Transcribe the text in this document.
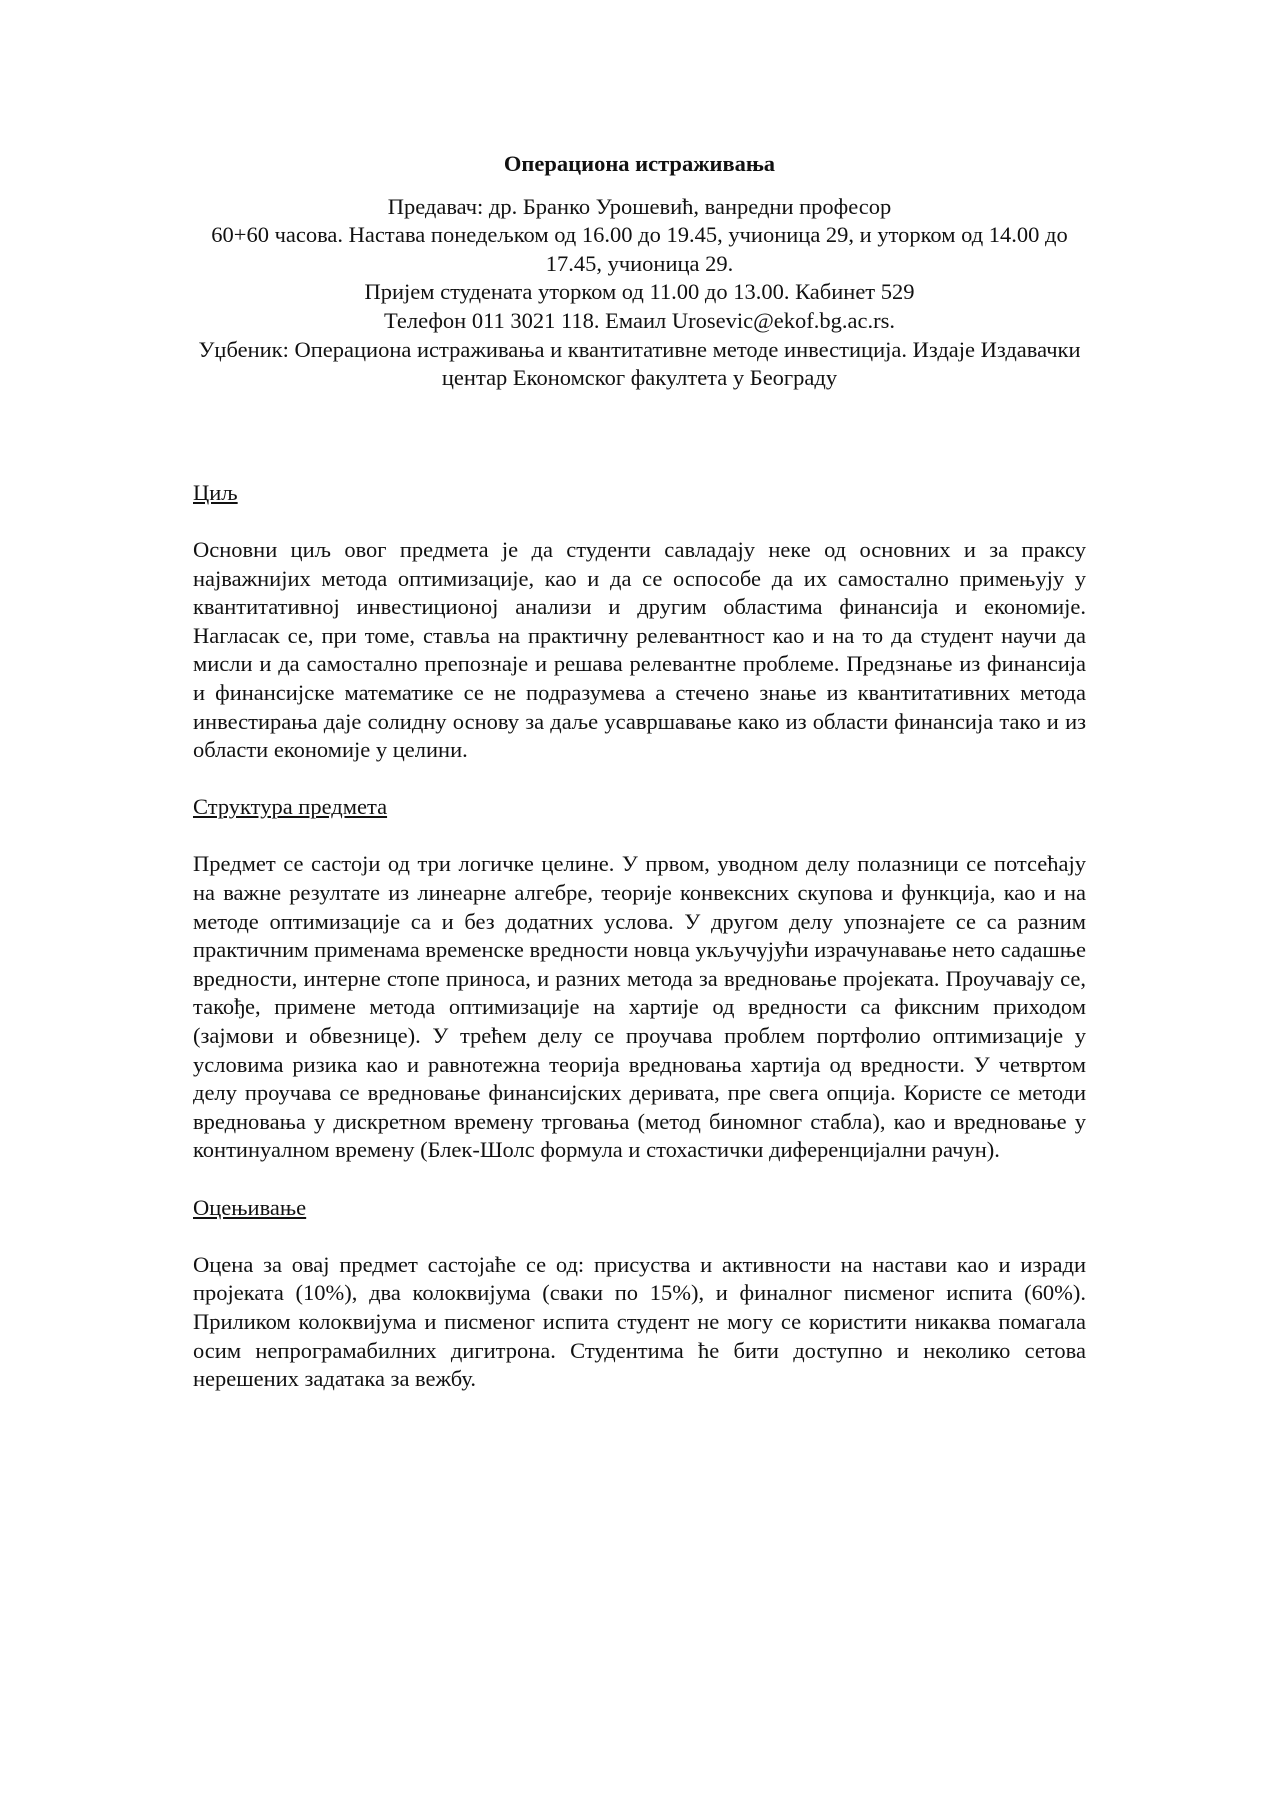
Операциона истраживања

Предавач: др. Бранко Урошевић, ванредни професор

60+60 часова. Настава понедељком од 16.00 до 19.45, учионица 29, и уторком од 14.00 до 17.45, учионица 29.

Пријем студената уторком од 11.00 до 13.00. Кабинет 529

Телефон 011 3021 118. Емаил Urosevic@ekof.bg.ac.rs.

Уџбеник: Операциона истраживања и квантитативне методе инвестиција. Издаје Издавачки центар Економског факултета у Београду

Циљ

Основни циљ овог предмета је да студенти савладају неке од основних и за праксу најважнијих метода оптимизације, као и да се оспособе да их самостално примењују у квантитативној инвестиционој анализи и другим областима финансија и економије. Нагласак се, при томе, ставља на практичну релевантност као и на то да студент научи да мисли и да самостално препознаје и решава релевантне проблеме. Предзнање из финансија и финансијске математике се не подразумева а стечено знање из квантитативних метода инвестирања даје солидну основу за даље усавршавање како из области финансија тако и из области економије у целини.

Структура предмета

Предмет се састоји од три логичке целине. У првом, уводном делу полазници се потсећају на важне резултате из линеарне алгебре, теорије конвексних скупова и функција, као и на методе оптимизације са и без додатних услова. У другом делу упознајете се са разним практичним применама временске вредности новца укључујући израчунавање нето садашње вредности, интерне стопе приноса, и разних метода за вредновање пројеката. Проучавају се, такође, примене метода оптимизације на хартије од вредности са фиксним приходом (зајмови и обвезнице). У трећем делу се проучава проблем портфолио оптимизације у условима ризика као и равнотежна теорија вредновања хартија од вредности. У четвртом делу проучава се вредновање финансијских деривата, пре свега опција. Користе се методи вредновања у дискретном времену трговања (метод биномног стабла), као и вредновање у континуалном времену (Блек-Шолс формула и стохастички диференцијални рачун).

Оцењивање

Оцена за овај предмет састојаће се од: присуства и активности на настави као и изради пројеката (10%), два колоквијума (сваки по 15%), и финалног писменог испита (60%). Приликом колоквијума и писменог испита студент не могу се користити никаква помагала осим непрограмабилних дигитрона. Студентима ће бити доступно и неколико сетова нерешених задатака за вежбу.
